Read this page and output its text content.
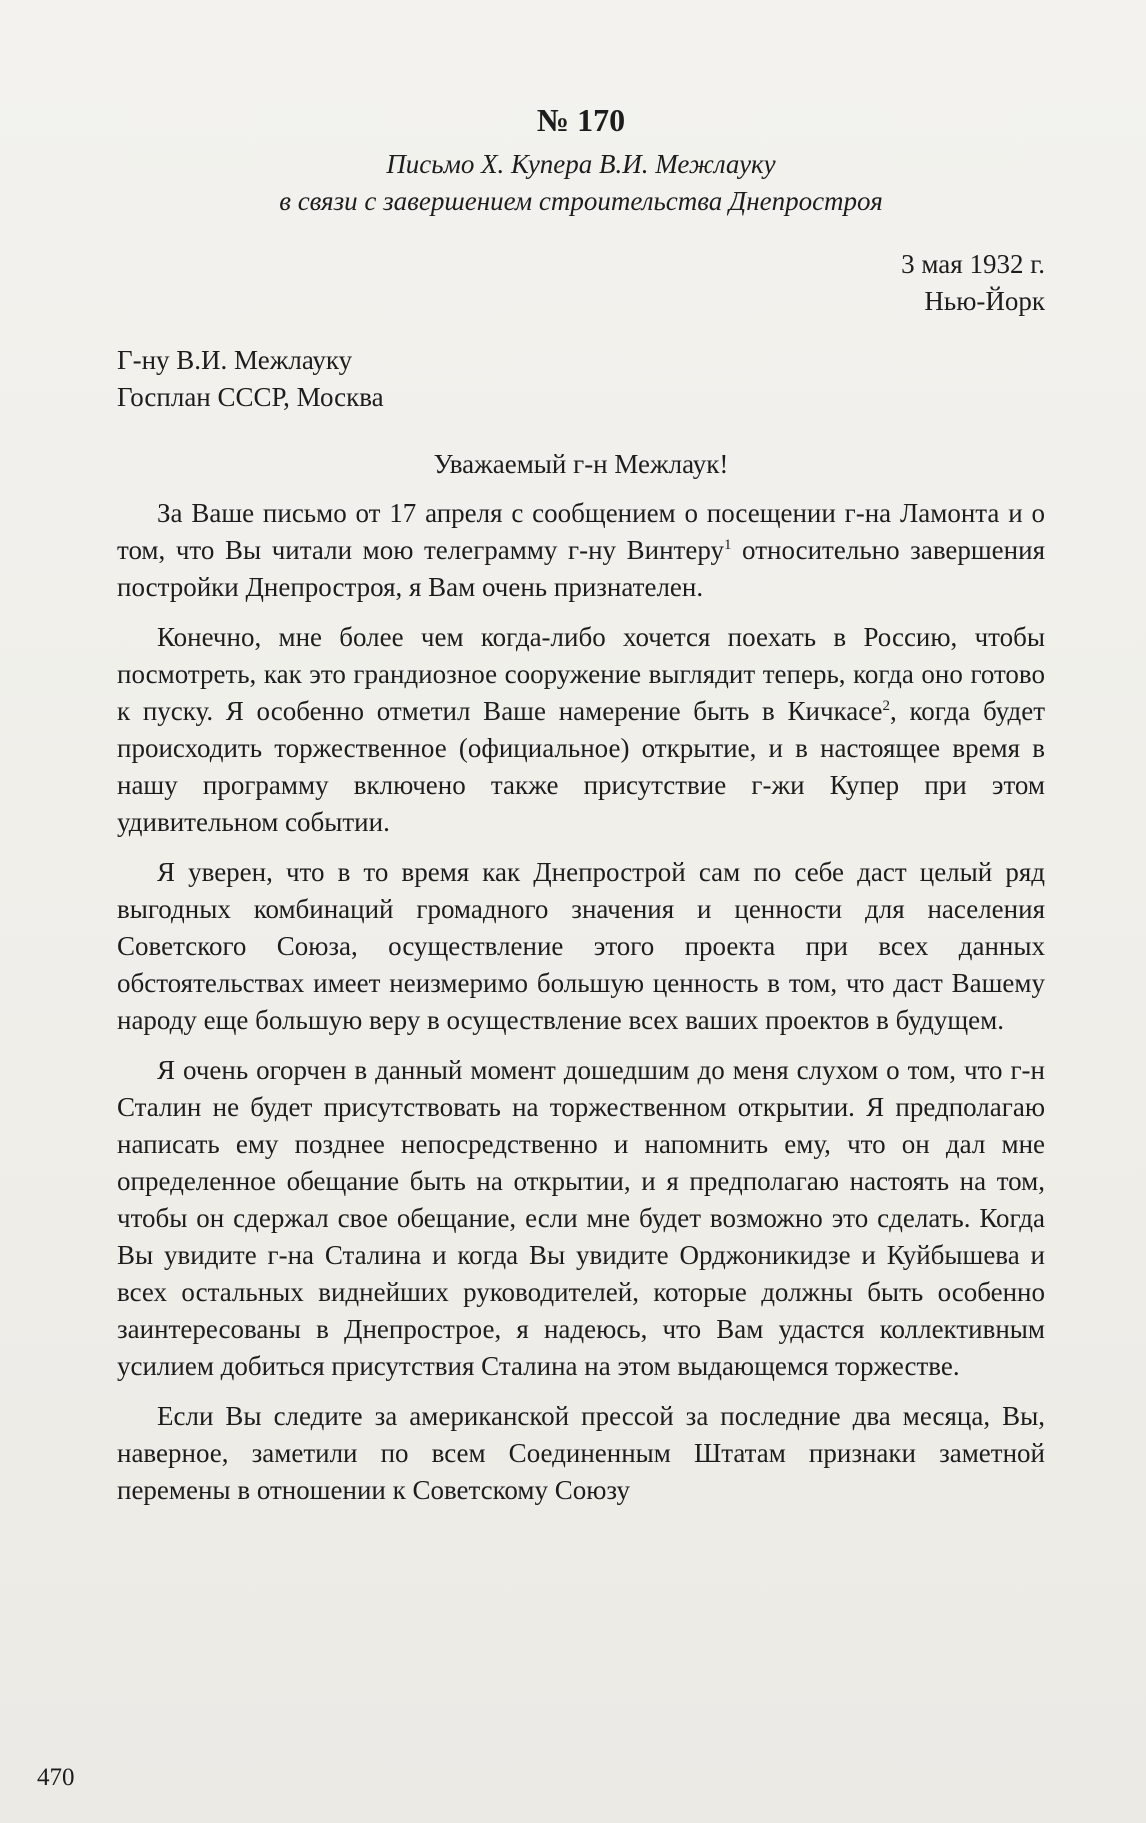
№ 170
Письмо Х. Купера В.И. Межлауку
в связи с завершением строительства Днепростроя
3 мая 1932 г.
Нью-Йорк
Г-ну В.И. Межлауку
Госплан СССР, Москва
Уважаемый г-н Межлаук!

За Ваше письмо от 17 апреля с сообщением о посещении г-на Ламонта и о том, что Вы читали мою телеграмму г-ну Винтеру$^1$ относительно завершения постройки Днепростроя, я Вам очень признателен.

Конечно, мне более чем когда-либо хочется поехать в Россию, чтобы посмотреть, как это грандиозное сооружение выглядит теперь, когда оно готово к пуску. Я особенно отметил Ваше намерение быть в Кичкасе$^2$, когда будет происходить торжественное (официальное) открытие, и в настоящее время в нашу программу включено также присутствие г-жи Купер при этом удивительном событии.

Я уверен, что в то время как Днепрострой сам по себе даст целый ряд выгодных комбинаций громадного значения и ценности для населения Советского Союза, осуществление этого проекта при всех данных обстоятельствах имеет неизмеримо большую ценность в том, что даст Вашему народу еще большую веру в осуществление всех ваших проектов в будущем.

Я очень огорчен в данный момент дошедшим до меня слухом о том, что г-н Сталин не будет присутствовать на торжественном открытии. Я предполагаю написать ему позднее непосредственно и напомнить ему, что он дал мне определенное обещание быть на открытии, и я предполагаю настоять на том, чтобы он сдержал свое обещание, если мне будет возможно это сделать. Когда Вы увидите г-на Сталина и когда Вы увидите Орджоникидзе и Куйбышева и всех остальных виднейших руководителей, которые должны быть особенно заинтересованы в Днепрострое, я надеюсь, что Вам удастся коллективным усилием добиться присутствия Сталина на этом выдающемся торжестве.

Если Вы следите за американской прессой за последние два месяца, Вы, наверное, заметили по всем Соединенным Штатам признаки заметной перемены в отношении к Советскому Союзу

470
